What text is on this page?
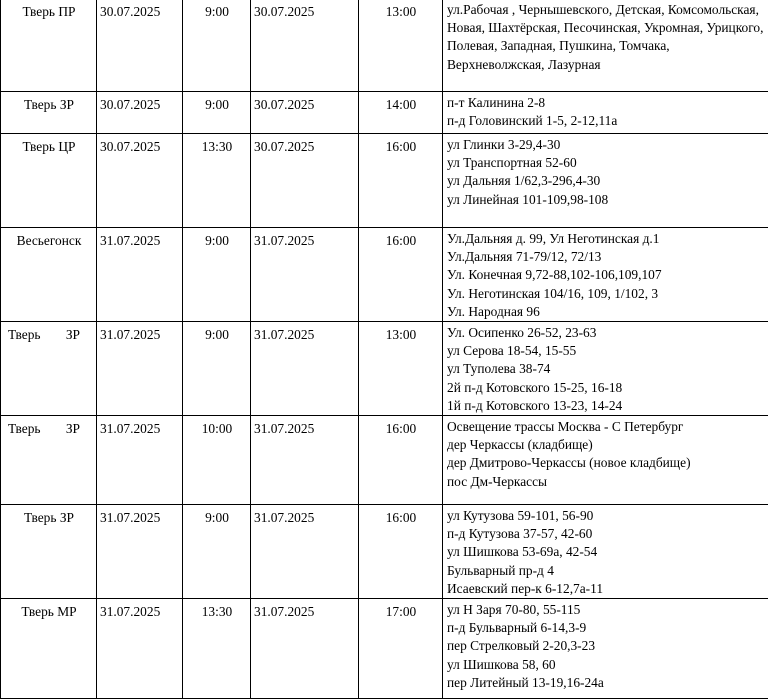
Тверь ПР	30.07.2025	9:00	30.07.2025	13:00	ул.Рабочая , Чернышевского, Детская, Комсомольская,
Новая, Шахтёрская, Песочинская, Укромная, Урицкого,
Полевая, Западная, Пушкина, Томчака,
Верхневолжская, Лазурная

Тверь ЗР	30.07.2025	9:00	30.07.2025	14:00	п-т Калинина 2-8
п-д Головинский 1-5, 2-12,11а

Тверь ЦР	30.07.2025	13:30	30.07.2025	16:00	ул Глинки 3-29,4-30
ул Транспортная 52-60
ул Дальняя 1/62,3-296,4-30
ул Линейная 101-109,98-108

Весьегонск	31.07.2025	9:00	31.07.2025	16:00	Ул.Дальняя д. 99, Ул Неготинская д.1
Ул.Дальняя 71-79/12, 72/13
Ул. Конечная 9,72-88,102-106,109,107
Ул. Неготинская 104/16, 109, 1/102, 3
Ул. Народная 96

Тверь ЗР	31.07.2025	9:00	31.07.2025	13:00	Ул. Осипенко 26-52, 23-63
ул Серова 18-54, 15-55
ул Туполева 38-74
2й п-д Котовского 15-25, 16-18
1й п-д Котовского 13-23, 14-24

Тверь ЗР	31.07.2025	10:00	31.07.2025	16:00	Освещение трассы Москва - С Петербург
дер Черкассы (кладбище)
дер Дмитрово-Черкассы (новое кладбище)
пос Дм-Черкассы

Тверь ЗР	31.07.2025	9:00	31.07.2025	16:00	ул Кутузова 59-101, 56-90
п-д Кутузова 37-57, 42-60
ул Шишкова 53-69а, 42-54
Бульварный пр-д 4
Исаевский пер-к 6-12,7а-11

Тверь МР	31.07.2025	13:30	31.07.2025	17:00	ул Н Заря 70-80, 55-115
п-д Бульварный 6-14,3-9
пер Стрелковый 2-20,3-23
ул Шишкова 58, 60
пер Литейный 13-19,16-24а
